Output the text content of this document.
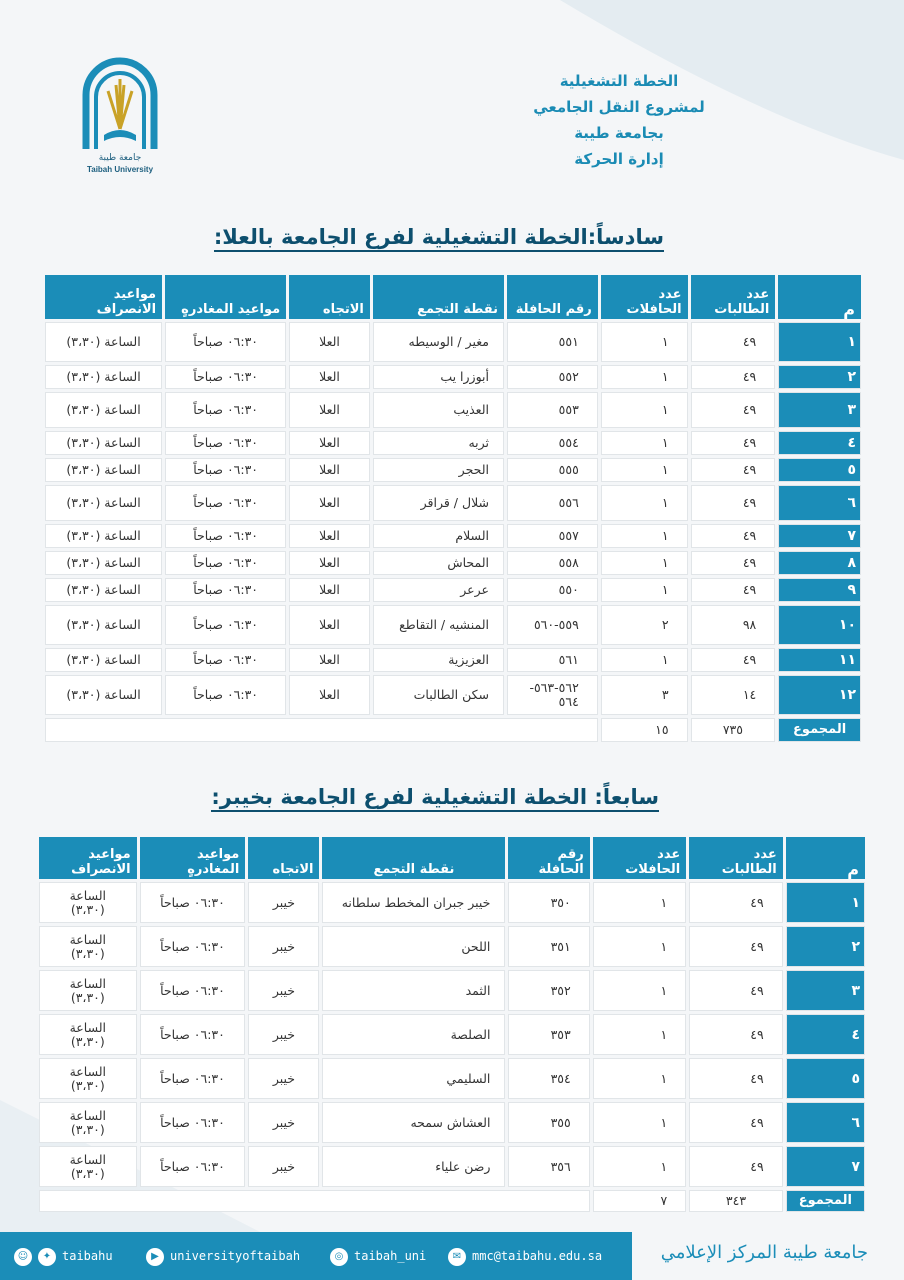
جامعة طيبة
Taibah University
الخطة التشغيلية
لمشروع النقل الجامعي
بجامعة طيبة
إدارة الحركة
سادساً:الخطة التشغيلية لفرع الجامعة بالعلا:
م	عدد الطالبات	عدد الحافلات	رقم الحافلة	نقطة التجمع	الاتجاه	مواعيد المغادرهٍ	مواعيد الانصراف
١	٤٩	١	٥٥١	مغير / الوسيطه	العلا	٠٦:٣٠ صباحاً	الساعة (٣،٣٠)
٢	٤٩	١	٥٥٢	أبوزرا يب	العلا	٠٦:٣٠ صباحاً	الساعة (٣،٣٠)
٣	٤٩	١	٥٥٣	العذيب	العلا	٠٦:٣٠ صباحاً	الساعة (٣،٣٠)
٤	٤٩	١	٥٥٤	ثربه	العلا	٠٦:٣٠ صباحاً	الساعة (٣،٣٠)
٥	٤٩	١	٥٥٥	الحجر	العلا	٠٦:٣٠ صباحاً	الساعة (٣،٣٠)
٦	٤٩	١	٥٥٦	شلال / قراقر	العلا	٠٦:٣٠ صباحاً	الساعة (٣،٣٠)
٧	٤٩	١	٥٥٧	السلام	العلا	٠٦:٣٠ صباحاً	الساعة (٣،٣٠)
٨	٤٩	١	٥٥٨	المحاش	العلا	٠٦:٣٠ صباحاً	الساعة (٣،٣٠)
٩	٤٩	١	٥٥٠	عرعر	العلا	٠٦:٣٠ صباحاً	الساعة (٣،٣٠)
١٠	٩٨	٢	٥٥٩-٥٦٠	المنشيه / التقاطع	العلا	٠٦:٣٠ صباحاً	الساعة (٣،٣٠)
١١	٤٩	١	٥٦١	العزيزية	العلا	٠٦:٣٠ صباحاً	الساعة (٣،٣٠)
١٢	١٤	٣	٥٦٢-٥٦٣- ٥٦٤	سكن الطالبات	العلا	٠٦:٣٠ صباحاً	الساعة (٣،٣٠)
المجموع	٧٣٥	١٥					
سابعاً: الخطة التشغيلية لفرع الجامعة بخيبر:
م	عدد الطالبات	عدد الحافلات	رقم الحافلة	نقطة التجمع	الاتجاه	مواعيد المغادرهٍ	مواعيد الانصراف
١	٤٩	١	٣٥٠	خيبر جبران المخطط سلطانه	خيبر	٠٦:٣٠ صباحاً	الساعة (٣،٣٠)
٢	٤٩	١	٣٥١	اللحن	خيبر	٠٦:٣٠ صباحاً	الساعة (٣،٣٠)
٣	٤٩	١	٣٥٢	الثمد	خيبر	٠٦:٣٠ صباحاً	الساعة (٣،٣٠)
٤	٤٩	١	٣٥٣	الصلصة	خيبر	٠٦:٣٠ صباحاً	الساعة (٣،٣٠)
٥	٤٩	١	٣٥٤	السليمي	خيبر	٠٦:٣٠ صباحاً	الساعة (٣،٣٠)
٦	٤٩	١	٣٥٥	العشاش سمحه	خيبر	٠٦:٣٠ صباحاً	الساعة (٣،٣٠)
٧	٤٩	١	٣٥٦	رضن علياء	خيبر	٠٦:٣٠ صباحاً	الساعة (٣،٣٠)
المجموع	٣٤٣	٧					
☺ ✦ taibahu	▶ universityoftaibah	◎ taibah_uni	✉ mmc@taibahu.edu.sa	جامعة طيبة المركز الإعلامي
